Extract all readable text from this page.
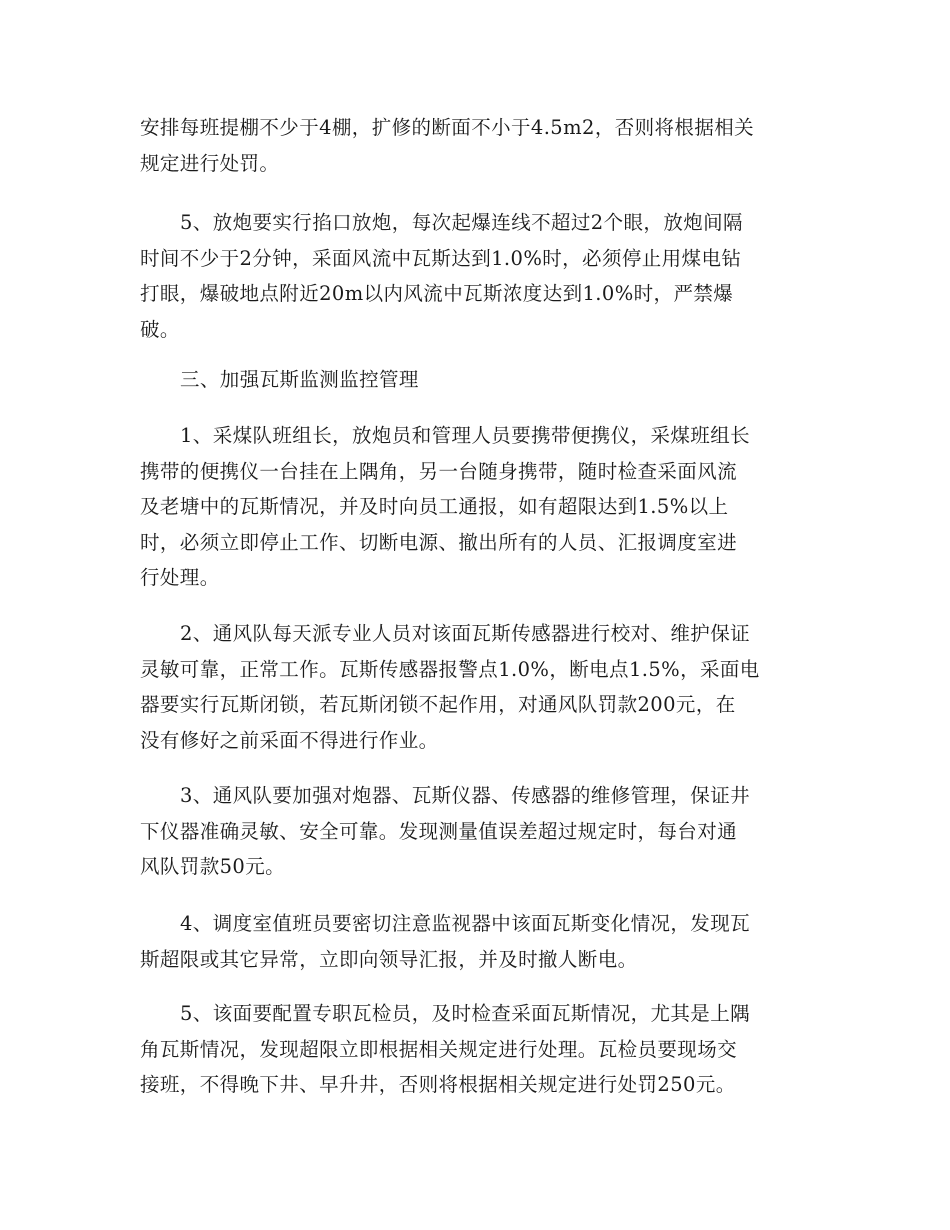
安排每班提棚不少于4棚，扩修的断面不小于4.5m2，否则将根据相关
规定进行处罚。
5、放炮要实行掐口放炮，每次起爆连线不超过2个眼，放炮间隔
时间不少于2分钟，采面风流中瓦斯达到1.0%时，必须停止用煤电钻
打眼，爆破地点附近20m以内风流中瓦斯浓度达到1.0%时，严禁爆
破。
三、加强瓦斯监测监控管理
1、采煤队班组长，放炮员和管理人员要携带便携仪，采煤班组长
携带的便携仪一台挂在上隅角，另一台随身携带，随时检查采面风流
及老塘中的瓦斯情况，并及时向员工通报，如有超限达到1.5%以上
时，必须立即停止工作、切断电源、撤出所有的人员、汇报调度室进
行处理。
2、通风队每天派专业人员对该面瓦斯传感器进行校对、维护保证
灵敏可靠，正常工作。瓦斯传感器报警点1.0%，断电点1.5%，采面电
器要实行瓦斯闭锁，若瓦斯闭锁不起作用，对通风队罚款200元，在
没有修好之前采面不得进行作业。
3、通风队要加强对炮器、瓦斯仪器、传感器的维修管理，保证井
下仪器准确灵敏、安全可靠。发现测量值误差超过规定时，每台对通
风队罚款50元。
4、调度室值班员要密切注意监视器中该面瓦斯变化情况，发现瓦
斯超限或其它异常，立即向领导汇报，并及时撤人断电。
5、该面要配置专职瓦检员，及时检查采面瓦斯情况，尤其是上隅
角瓦斯情况，发现超限立即根据相关规定进行处理。瓦检员要现场交
接班，不得晚下井、早升井，否则将根据相关规定进行处罚250元。
